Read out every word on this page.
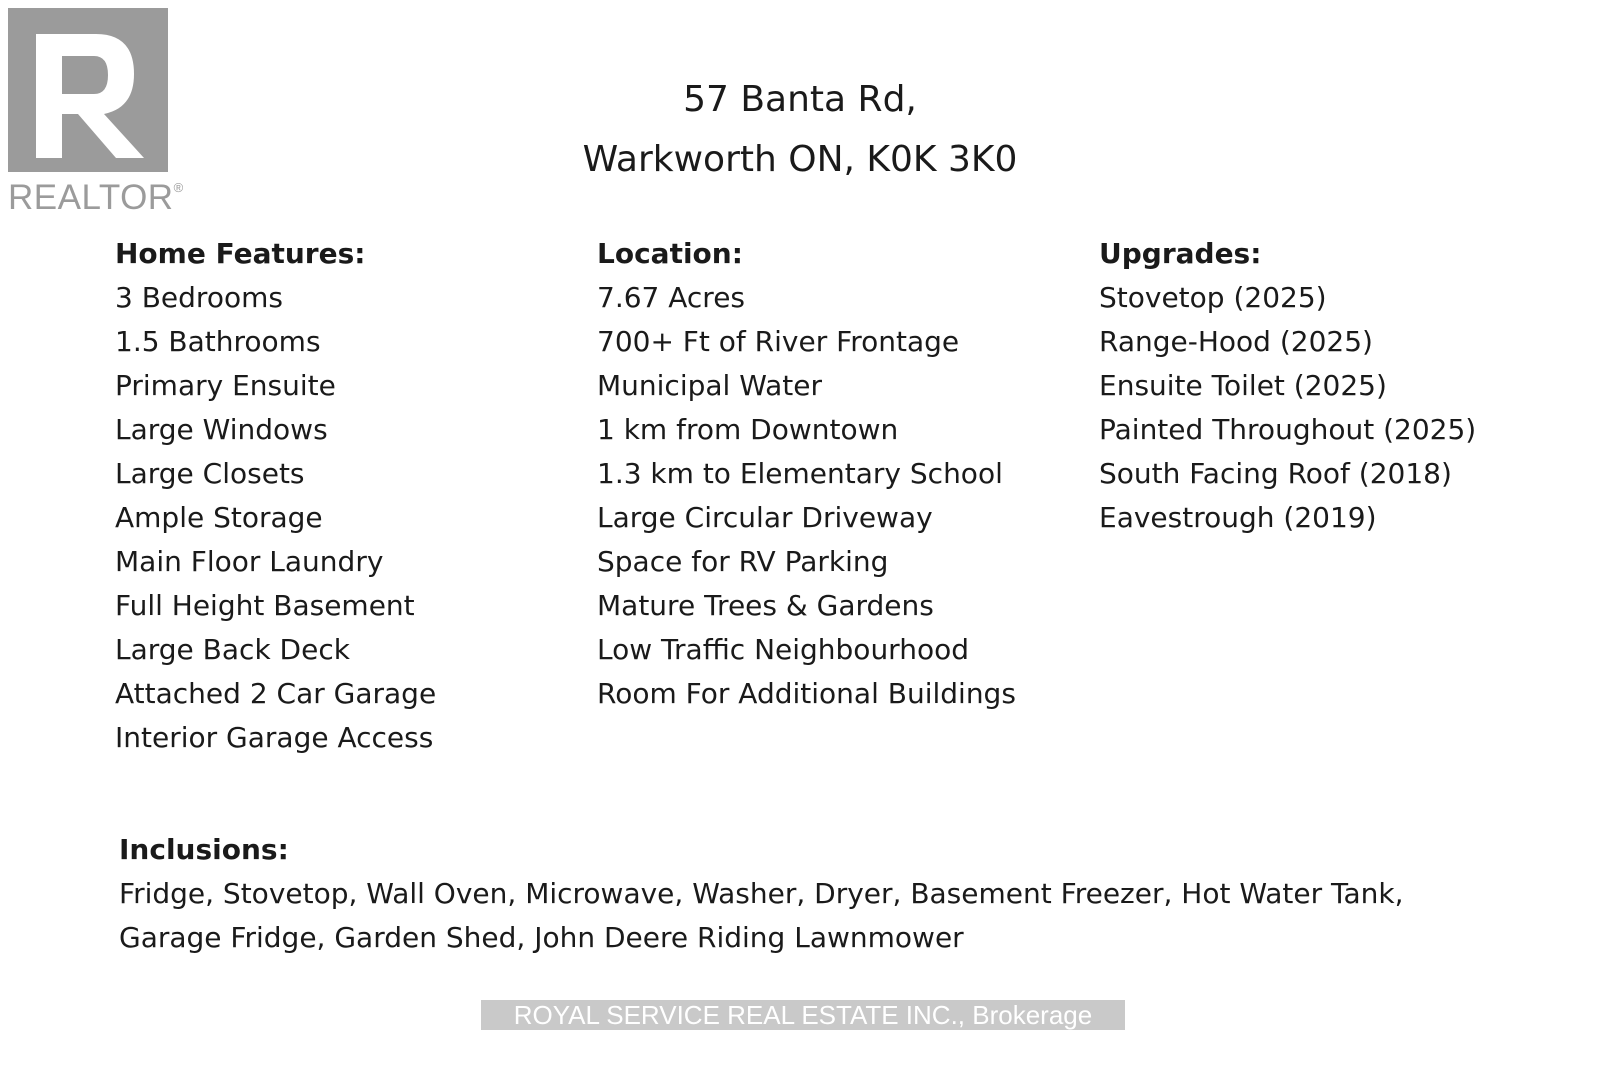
REALTOR®
57 Banta Rd,
Warkworth ON, K0K 3K0
Home Features:
3 Bedrooms
1.5 Bathrooms
Primary Ensuite
Large Windows
Large Closets
Ample Storage
Main Floor Laundry
Full Height Basement
Large Back Deck
Attached 2 Car Garage
Interior Garage Access
Location:
7.67 Acres
700+ Ft of River Frontage
Municipal Water
1 km from Downtown
1.3 km to Elementary School
Large Circular Driveway
Space for RV Parking
Mature Trees & Gardens
Low Traffic Neighbourhood
Room For Additional Buildings
Upgrades:
Stovetop (2025)
Range-Hood (2025)
Ensuite Toilet (2025)
Painted Throughout (2025)
South Facing Roof (2018)
Eavestrough (2019)
Inclusions:
Fridge, Stovetop, Wall Oven, Microwave, Washer, Dryer, Basement Freezer, Hot Water Tank,
Garage Fridge, Garden Shed, John Deere Riding Lawnmower
ROYAL SERVICE REAL ESTATE INC., Brokerage
